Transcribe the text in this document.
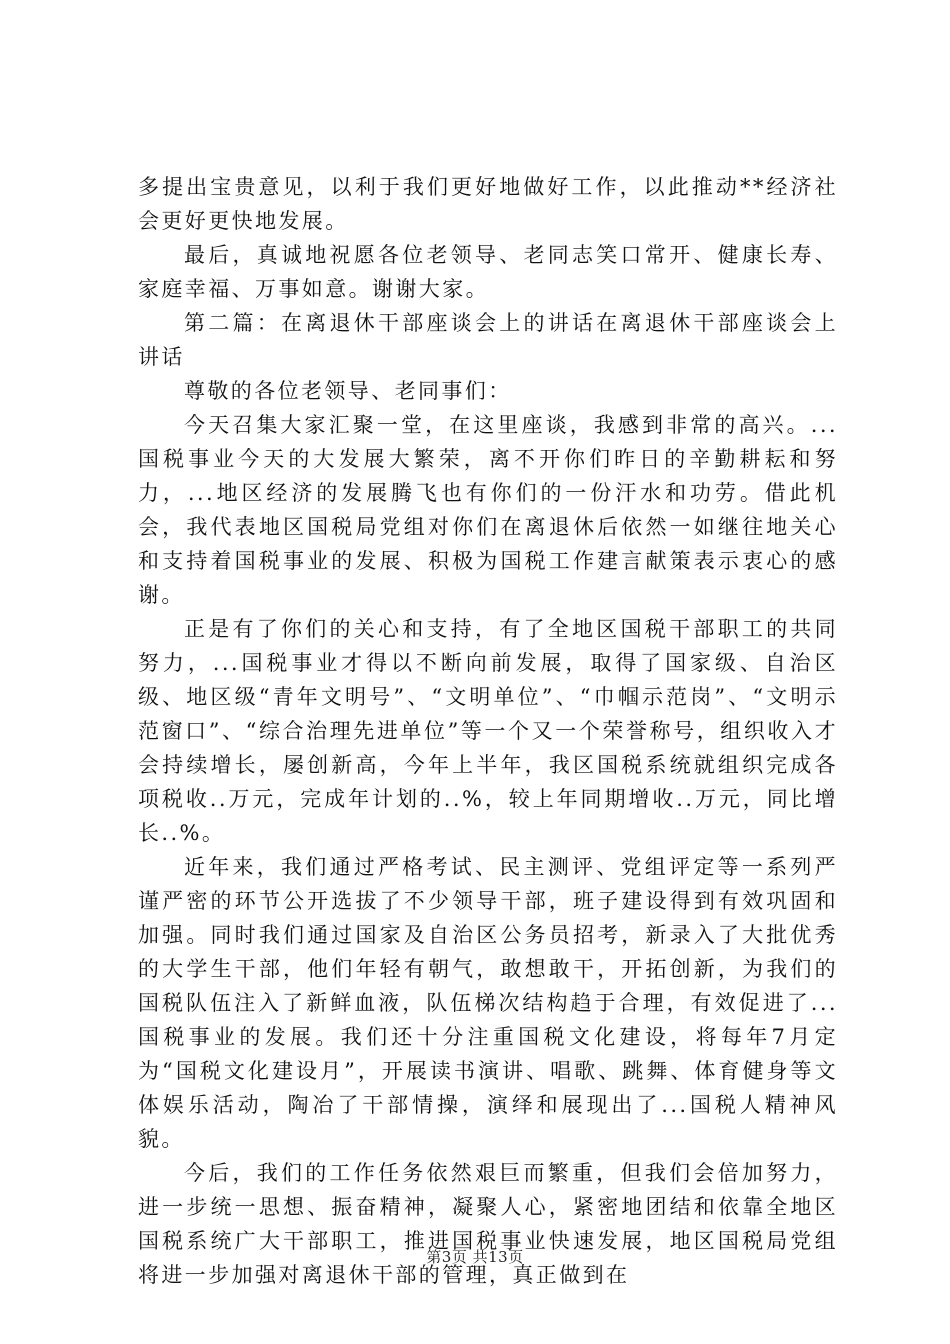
多提出宝贵意见，以利于我们更好地做好工作，以此推动**经济社会更好更快地发展。

最后，真诚地祝愿各位老领导、老同志笑口常开、健康长寿、家庭幸福、万事如意。谢谢大家。

第二篇：在离退休干部座谈会上的讲话在离退休干部座谈会上讲话

尊敬的各位老领导、老同事们：

今天召集大家汇聚一堂，在这里座谈，我感到非常的高兴。...国税事业今天的大发展大繁荣，离不开你们昨日的辛勤耕耘和努力，...地区经济的发展腾飞也有你们的一份汗水和功劳。借此机会，我代表地区国税局党组对你们在离退休后依然一如继往地关心和支持着国税事业的发展、积极为国税工作建言献策表示衷心的感谢。

正是有了你们的关心和支持，有了全地区国税干部职工的共同努力，...国税事业才得以不断向前发展，取得了国家级、自治区级、地区级“青年文明号”、“文明单位”、“巾帼示范岗”、“文明示范窗口”、“综合治理先进单位”等一个又一个荣誉称号，组织收入才会持续增长，屡创新高，今年上半年，我区国税系统就组织完成各项税收..万元，完成年计划的..%，较上年同期增收..万元，同比增长..%。

近年来，我们通过严格考试、民主测评、党组评定等一系列严谨严密的环节公开选拔了不少领导干部，班子建设得到有效巩固和加强。同时我们通过国家及自治区公务员招考，新录入了大批优秀的大学生干部，他们年轻有朝气，敢想敢干，开拓创新，为我们的国税队伍注入了新鲜血液，队伍梯次结构趋于合理，有效促进了...国税事业的发展。我们还十分注重国税文化建设，将每年7月定为“国税文化建设月”，开展读书演讲、唱歌、跳舞、体育健身等文体娱乐活动，陶冶了干部情操，演绎和展现出了...国税人精神风貌。

今后，我们的工作任务依然艰巨而繁重，但我们会倍加努力，进一步统一思想、振奋精神，凝聚人心，紧密地团结和依靠全地区国税系统广大干部职工，推进国税事业快速发展，地区国税局党组将进一步加强对离退休干部的管理，真正做到在

第3页 共13页
